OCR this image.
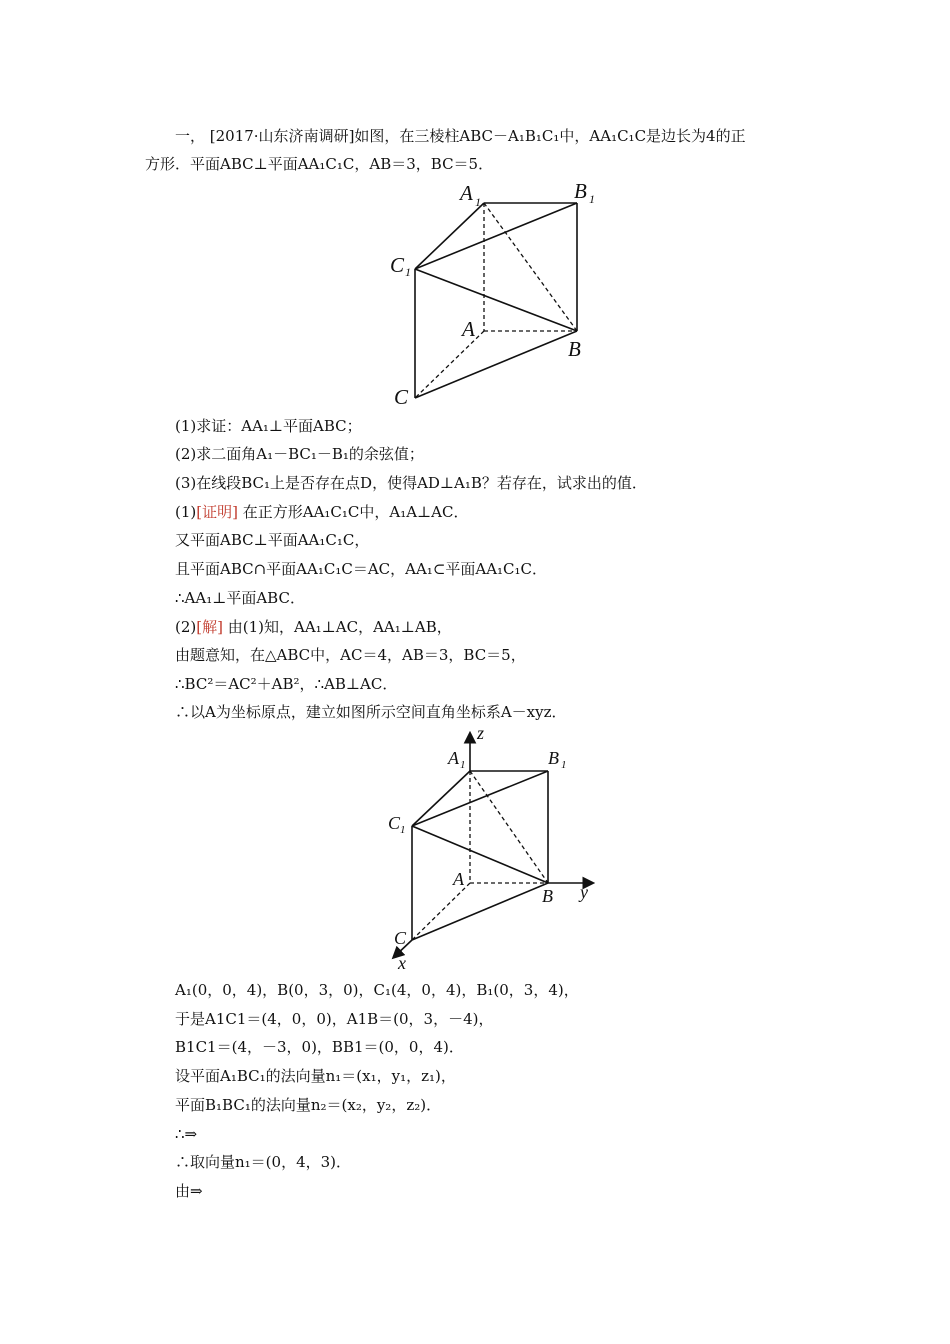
一， [2017·山东济南调研]如图，在三棱柱ABC－A₁B₁C₁中，AA₁C₁C是边长为4的正
方形．平面ABC⊥平面AA₁C₁C，AB＝3，BC＝5．
A 1	B 1
C 1
A
B
C
(1)求证：AA₁⊥平面ABC；
(2)求二面角A₁－BC₁－B₁的余弦值；
(3)在线段BC₁上是否存在点D，使得AD⊥A₁B？若存在，试求出的值．
(1)[证明] 在正方形AA₁C₁C中，A₁A⊥AC．
又平面ABC⊥平面AA₁C₁C，
且平面ABC∩平面AA₁C₁C＝AC，AA₁⊂平面AA₁C₁C．
∴AA₁⊥平面ABC．
(2)[解] 由(1)知，AA₁⊥AC，AA₁⊥AB，
由题意知，在△ABC中，AC＝4，AB＝3，BC＝5，
∴BC²＝AC²＋AB²，∴AB⊥AC．
∴以A为坐标原点，建立如图所示空间直角坐标系A－xyz．
A 1	B 1
C 1
A
B
C
z
y
x
A₁(0，0，4)，B(0，3，0)，C₁(4，0，4)，B₁(0，3，4)，
于是A1C1＝(4，0，0)，A1B＝(0，3，－4)，
B1C1＝(4，－3，0)，BB1＝(0，0，4)．
设平面A₁BC₁的法向量n₁＝(x₁，y₁，z₁)，
平面B₁BC₁的法向量n₂＝(x₂，y₂，z₂)．
∴⇒
∴取向量n₁＝(0，4，3)．
由⇒
